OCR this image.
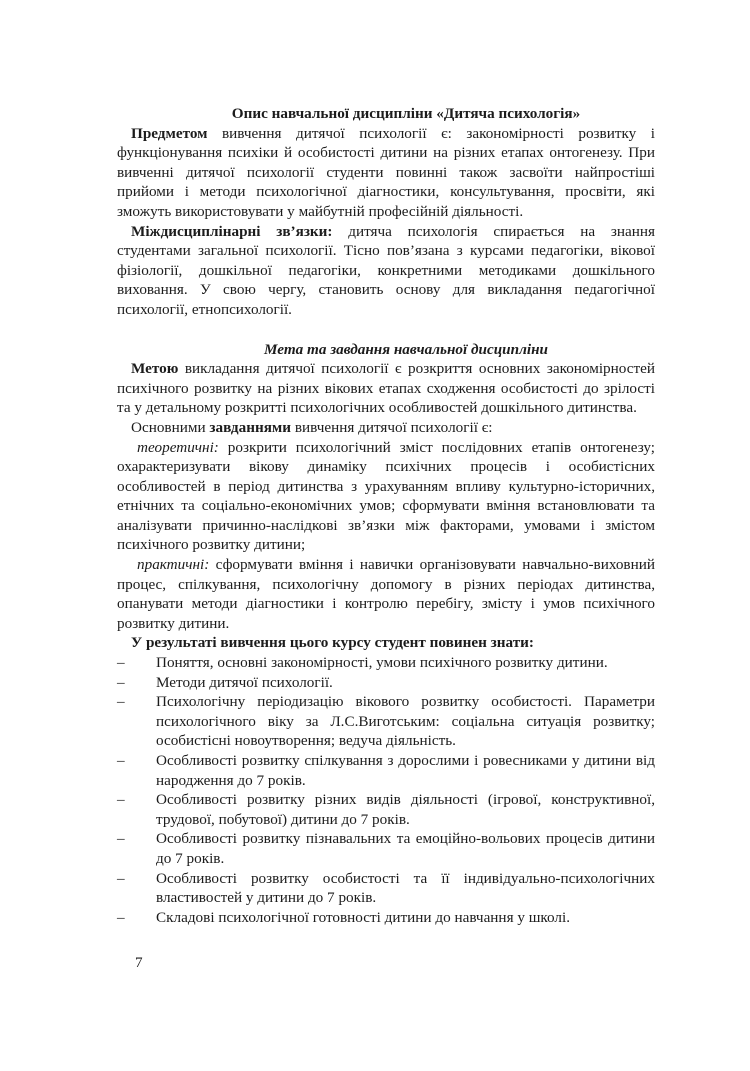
Опис навчальної дисципліни «Дитяча психологія»

Предметом вивчення дитячої психології є: закономірності розвитку і функціонування психіки й особистості дитини на різних етапах онтогенезу. При вивченні дитячої психології студенти повинні також засвоїти найпростіші прийоми і методи психологічної діагностики, консультування, просвіти, які зможуть використовувати у майбутній професійній діяльності.

Міждисциплінарні зв’язки: дитяча психологія спирається на знання студентами загальної психології. Тісно пов’язана з курсами педагогіки, вікової фізіології, дошкільної педагогіки, конкретними методиками дошкільного виховання. У свою чергу, становить основу для викладання педагогічної психології, етнопсихології.

Мета та завдання навчальної дисципліни

Метою викладання дитячої психології є розкриття основних закономірностей психічного розвитку на різних вікових етапах сходження особистості до зрілості та у детальному розкритті психологічних особливостей дошкільного дитинства.

Основними завданнями вивчення дитячої психології є:

теоретичні: розкрити психологічний зміст послідовних етапів онтогенезу; охарактеризувати вікову динаміку психічних процесів і особистісних особливостей в період дитинства з урахуванням впливу культурно-історичних, етнічних та соціально-економічних умов; сформувати вміння встановлювати та аналізувати причинно-наслідкові зв’язки між факторами, умовами і змістом психічного розвитку дитини;

практичні: сформувати вміння і навички організовувати навчально-виховний процес, спілкування, психологічну допомогу в різних періодах дитинства, опанувати методи діагностики і контролю перебігу, змісту і умов психічного розвитку дитини.

У результаті вивчення цього курсу студент повинен знати:

– Поняття, основні закономірності, умови психічного розвитку дитини.
– Методи дитячої психології.
– Психологічну періодизацію вікового розвитку особистості. Параметри психологічного віку за Л.С.Виготським: соціальна ситуація розвитку; особистісні новоутворення; ведуча діяльність.
– Особливості розвитку спілкування з дорослими і ровесниками у дитини від народження до 7 років.
– Особливості розвитку різних видів діяльності (ігрової, конструктивної, трудової, побутової) дитини до 7 років.
– Особливості розвитку пізнавальних та емоційно-вольових процесів дитини до 7 років.
– Особливості розвитку особистості та її індивідуально-психологічних властивостей у дитини до 7 років.
– Складові психологічної готовності дитини до навчання у школі.
7
